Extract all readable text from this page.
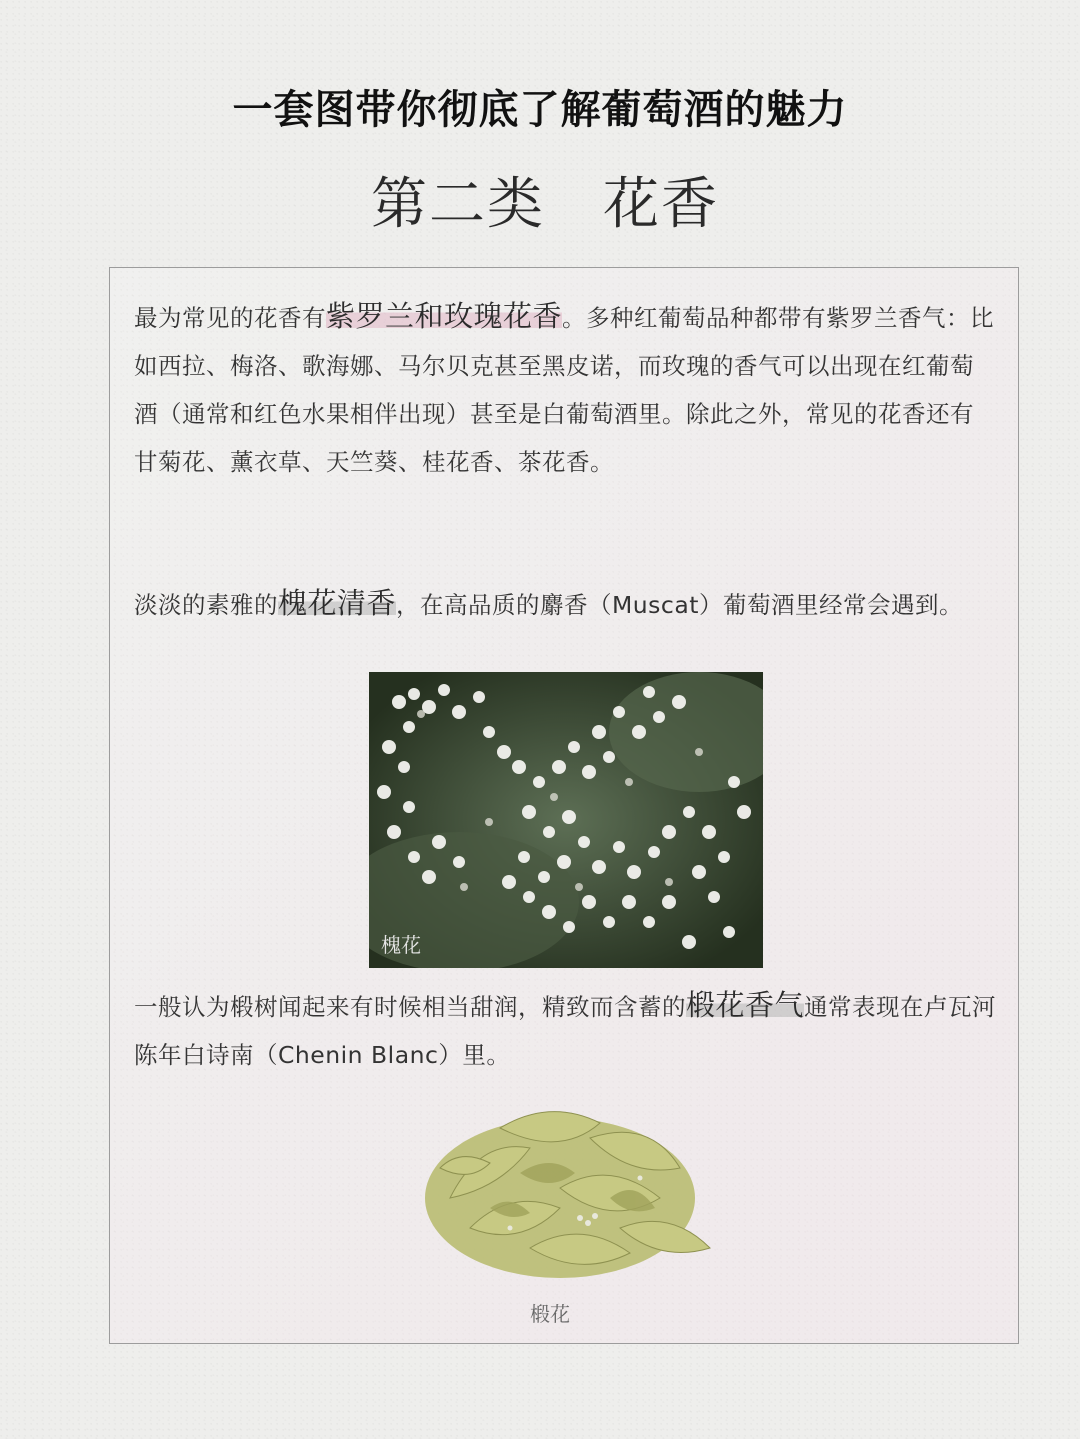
一套图带你彻底了解葡萄酒的魅力
第二类　花香

最为常见的花香有紫罗兰和玫瑰花香。多种红葡萄品种都带有紫罗兰香气：比如西拉、梅洛、歌海娜、马尔贝克甚至黑皮诺，而玫瑰的香气可以出现在红葡萄酒（通常和红色水果相伴出现）甚至是白葡萄酒里。除此之外，常见的花香还有甘菊花、薰衣草、天竺葵、桂花香、茶花香。

淡淡的素雅的槐花清香，在高品质的麝香（Muscat）葡萄酒里经常会遇到。

槐花

一般认为椴树闻起来有时候相当甜润，精致而含蓄的椴花香气通常表现在卢瓦河陈年白诗南（Chenin Blanc）里。

椴花
